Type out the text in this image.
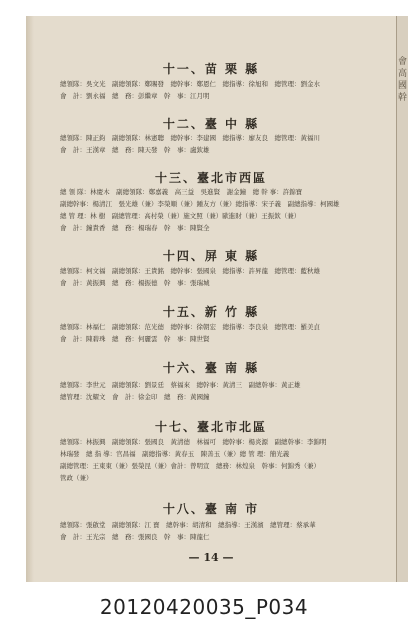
會 高 國 幹
十一、苗 栗 縣
總領隊：吳文光　副總領隊：鄭賜發　總幹事：鄭恩仁　總指導：徐旭和　總管理：劉金水
會　計：劉永福　總　務：彭繼章　幹　事：江月明
十二、臺 中 縣
總領隊：陳正鈞　副總領隊：林憲聰　總幹事：李建國　總指導：廖友良　總管理：黃福川
會　計：王漢章　總　務：陳天發　幹　事：盧欽雄
十三、臺北市西區
總 領 隊：林慶木　副總領隊：鄭嘉義　高三益　吳進賢　謝金鐘　總 幹 事：許錦寶
副總幹事：楊清江　張光雄（兼）李榮順（兼）鍾友方（兼）總指導：宋子義　副總指導：柯國雄
總 管 理：林 樹　副總管理：高村榮（兼）施文照（兼）歐進財（兼）王振欽（兼）
會　計：鐘貴香　總　務：楊瑞春　幹　事：陳賢全
十四、屏 東 縣
總領隊：柯文福　副總領隊：王貴銘　總幹事：張國泉　總指導：許昇龍　總管理：藍秋雄
會　計：黃振興　總　務：楊振德　幹　事：張瑞城
十五、新 竹 縣
總領隊：林福仁　副總領隊：范光德　總幹事：徐朝宏　總指導：李良泉　總管理：羅美貞
會　計：陳碧珠　總　務：何麗雲　幹　事：陳世賢
十六、臺 南 縣
總領隊：李世元　副總領隊：劉景廷　蔡福來　總幹事：黃清三　副總幹事：黃正雄
總管理：沈耀文　會　計：徐金印　總　務：黃國鐘
十七、臺北市北區
總領隊：林振興　副總領隊：張國良　黃清德　林福可　總幹事：楊炎源　副總幹事：李錦明
林瑞發　總 指 導：官昌福　副總指導：黃春玉　陳善玉（兼）總 管 理：簡光義
副總管理：王東東（兼）張榮昆（兼）會計：曾明宣　總務：林煌泉　幹事：何錦秀（兼）
管政（兼）
十八、臺 南 市
總領隊：張啟堂　副總領隊：江 寶　總幹事：胡清和　總指導：王漢濱　總管理：蔡承華
會　計：王光宗　總　務：張國良　幹　事：陳龍仁
— 14 —
20120420035_P034
